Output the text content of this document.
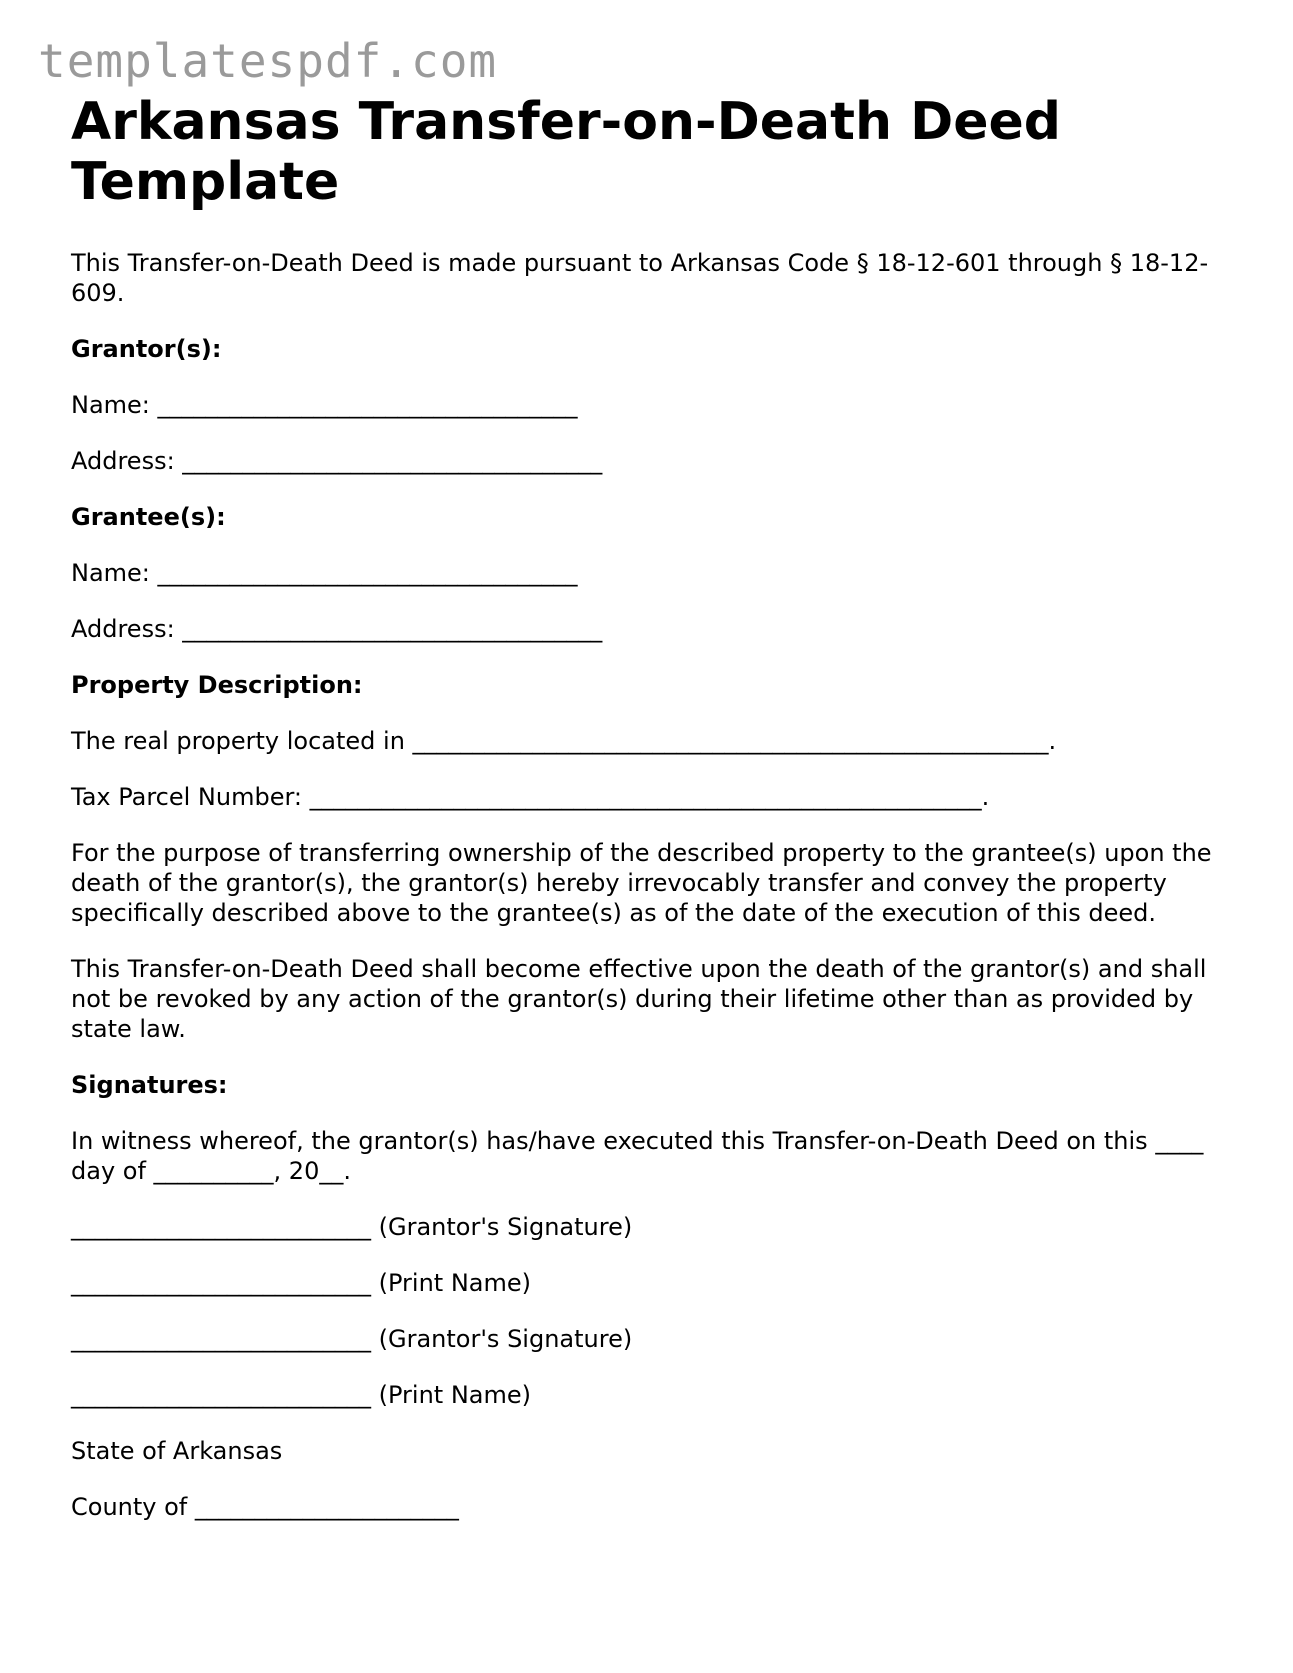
templatespdf.com
Arkansas Transfer-on-Death Deed Template

This Transfer-on-Death Deed is made pursuant to Arkansas Code § 18-12-601 through § 18-12-609.

Grantor(s):

Name: ___________________________________

Address: ___________________________________

Grantee(s):

Name: ___________________________________

Address: ___________________________________

Property Description:

The real property located in _____________________________________________________.

Tax Parcel Number: ________________________________________________________.

For the purpose of transferring ownership of the described property to the grantee(s) upon the death of the grantor(s), the grantor(s) hereby irrevocably transfer and convey the property specifically described above to the grantee(s) as of the date of the execution of this deed.

This Transfer-on-Death Deed shall become effective upon the death of the grantor(s) and shall not be revoked by any action of the grantor(s) during their lifetime other than as provided by state law.

Signatures:

In witness whereof, the grantor(s) has/have executed this Transfer-on-Death Deed on this ____ day of __________, 20__.

_________________________ (Grantor's Signature)

_________________________ (Print Name)

_________________________ (Grantor's Signature)

_________________________ (Print Name)

State of Arkansas

County of ______________________
